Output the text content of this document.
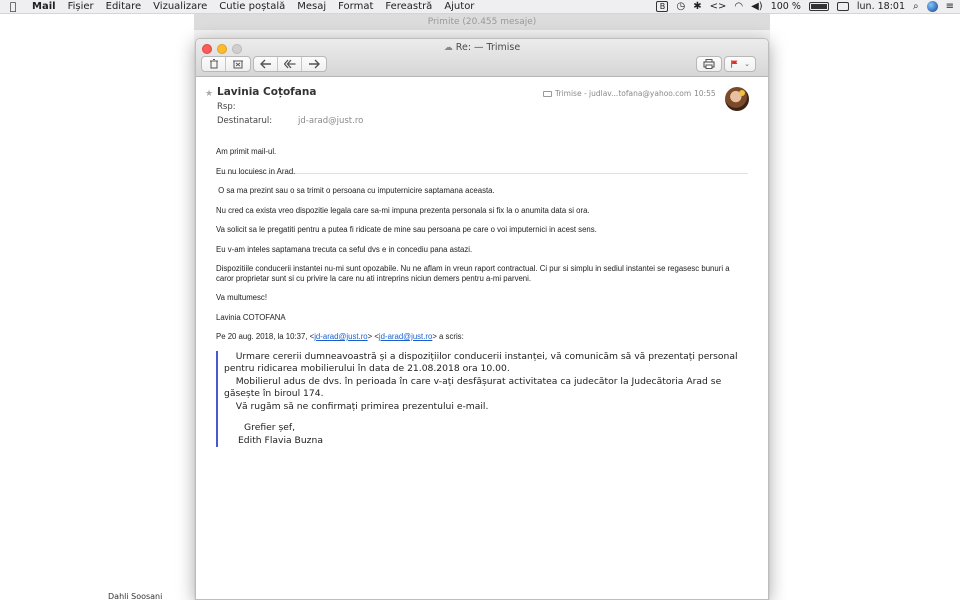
Mail	Fișier	Editare	Vizualizare	Cutie poștală	Mesaj	Format	Fereastră	Ajutor	B	◷ ✱ <> ◠ ◀) 100 %	lun. 18:01 ⌕	≡
Primite (20.455 mesaje)
Dahli Soosani
☁ Re: — Trimise
⌄
★ Lavinia Coțofana
Rsp:
Destinatarul:	jd-arad@just.ro
Trimise - judlav...tofana@yahoo.com 10:55
Am primit mail-ul.
Eu nu locuiesc in Arad.
O sa ma prezint sau o sa trimit o persoana cu imputernicire saptamana aceasta.
Nu cred ca exista vreo dispozitie legala care sa-mi impuna prezenta personala si fix la o anumita data si ora.
Va solicit sa le pregatiti pentru a putea fi ridicate de mine sau persoana pe care o voi imputernici in acest sens.
Eu v-am inteles saptamana trecuta ca seful dvs e in concediu pana astazi.
Dispozitiile conducerii instantei nu-mi sunt opozabile. Nu ne aflam in vreun raport contractual. Ci pur si simplu in sediul instantei se regasesc bunuri a caror proprietar sunt si cu privire la care nu ati intreprins niciun demers pentru a-mi parveni.
Va multumesc!
Lavinia COTOFANA
Pe 20 aug. 2018, la 10:37, <jd-arad@just.ro> <jd-arad@just.ro> a scris:
Urmare cererii dumneavoastră și a dispozițiilor conducerii instanței, vă comunicăm să vă prezentați personal pentru ridicarea mobilierului în data de 21.08.2018 ora 10.00.
Mobilierul adus de dvs. în perioada în care v-ați desfășurat activitatea ca judecător la Judecătoria Arad se găsește în biroul 174.
Vă rugăm să ne confirmați primirea prezentului e-mail.
Grefier șef,
Edith Flavia Buzna
